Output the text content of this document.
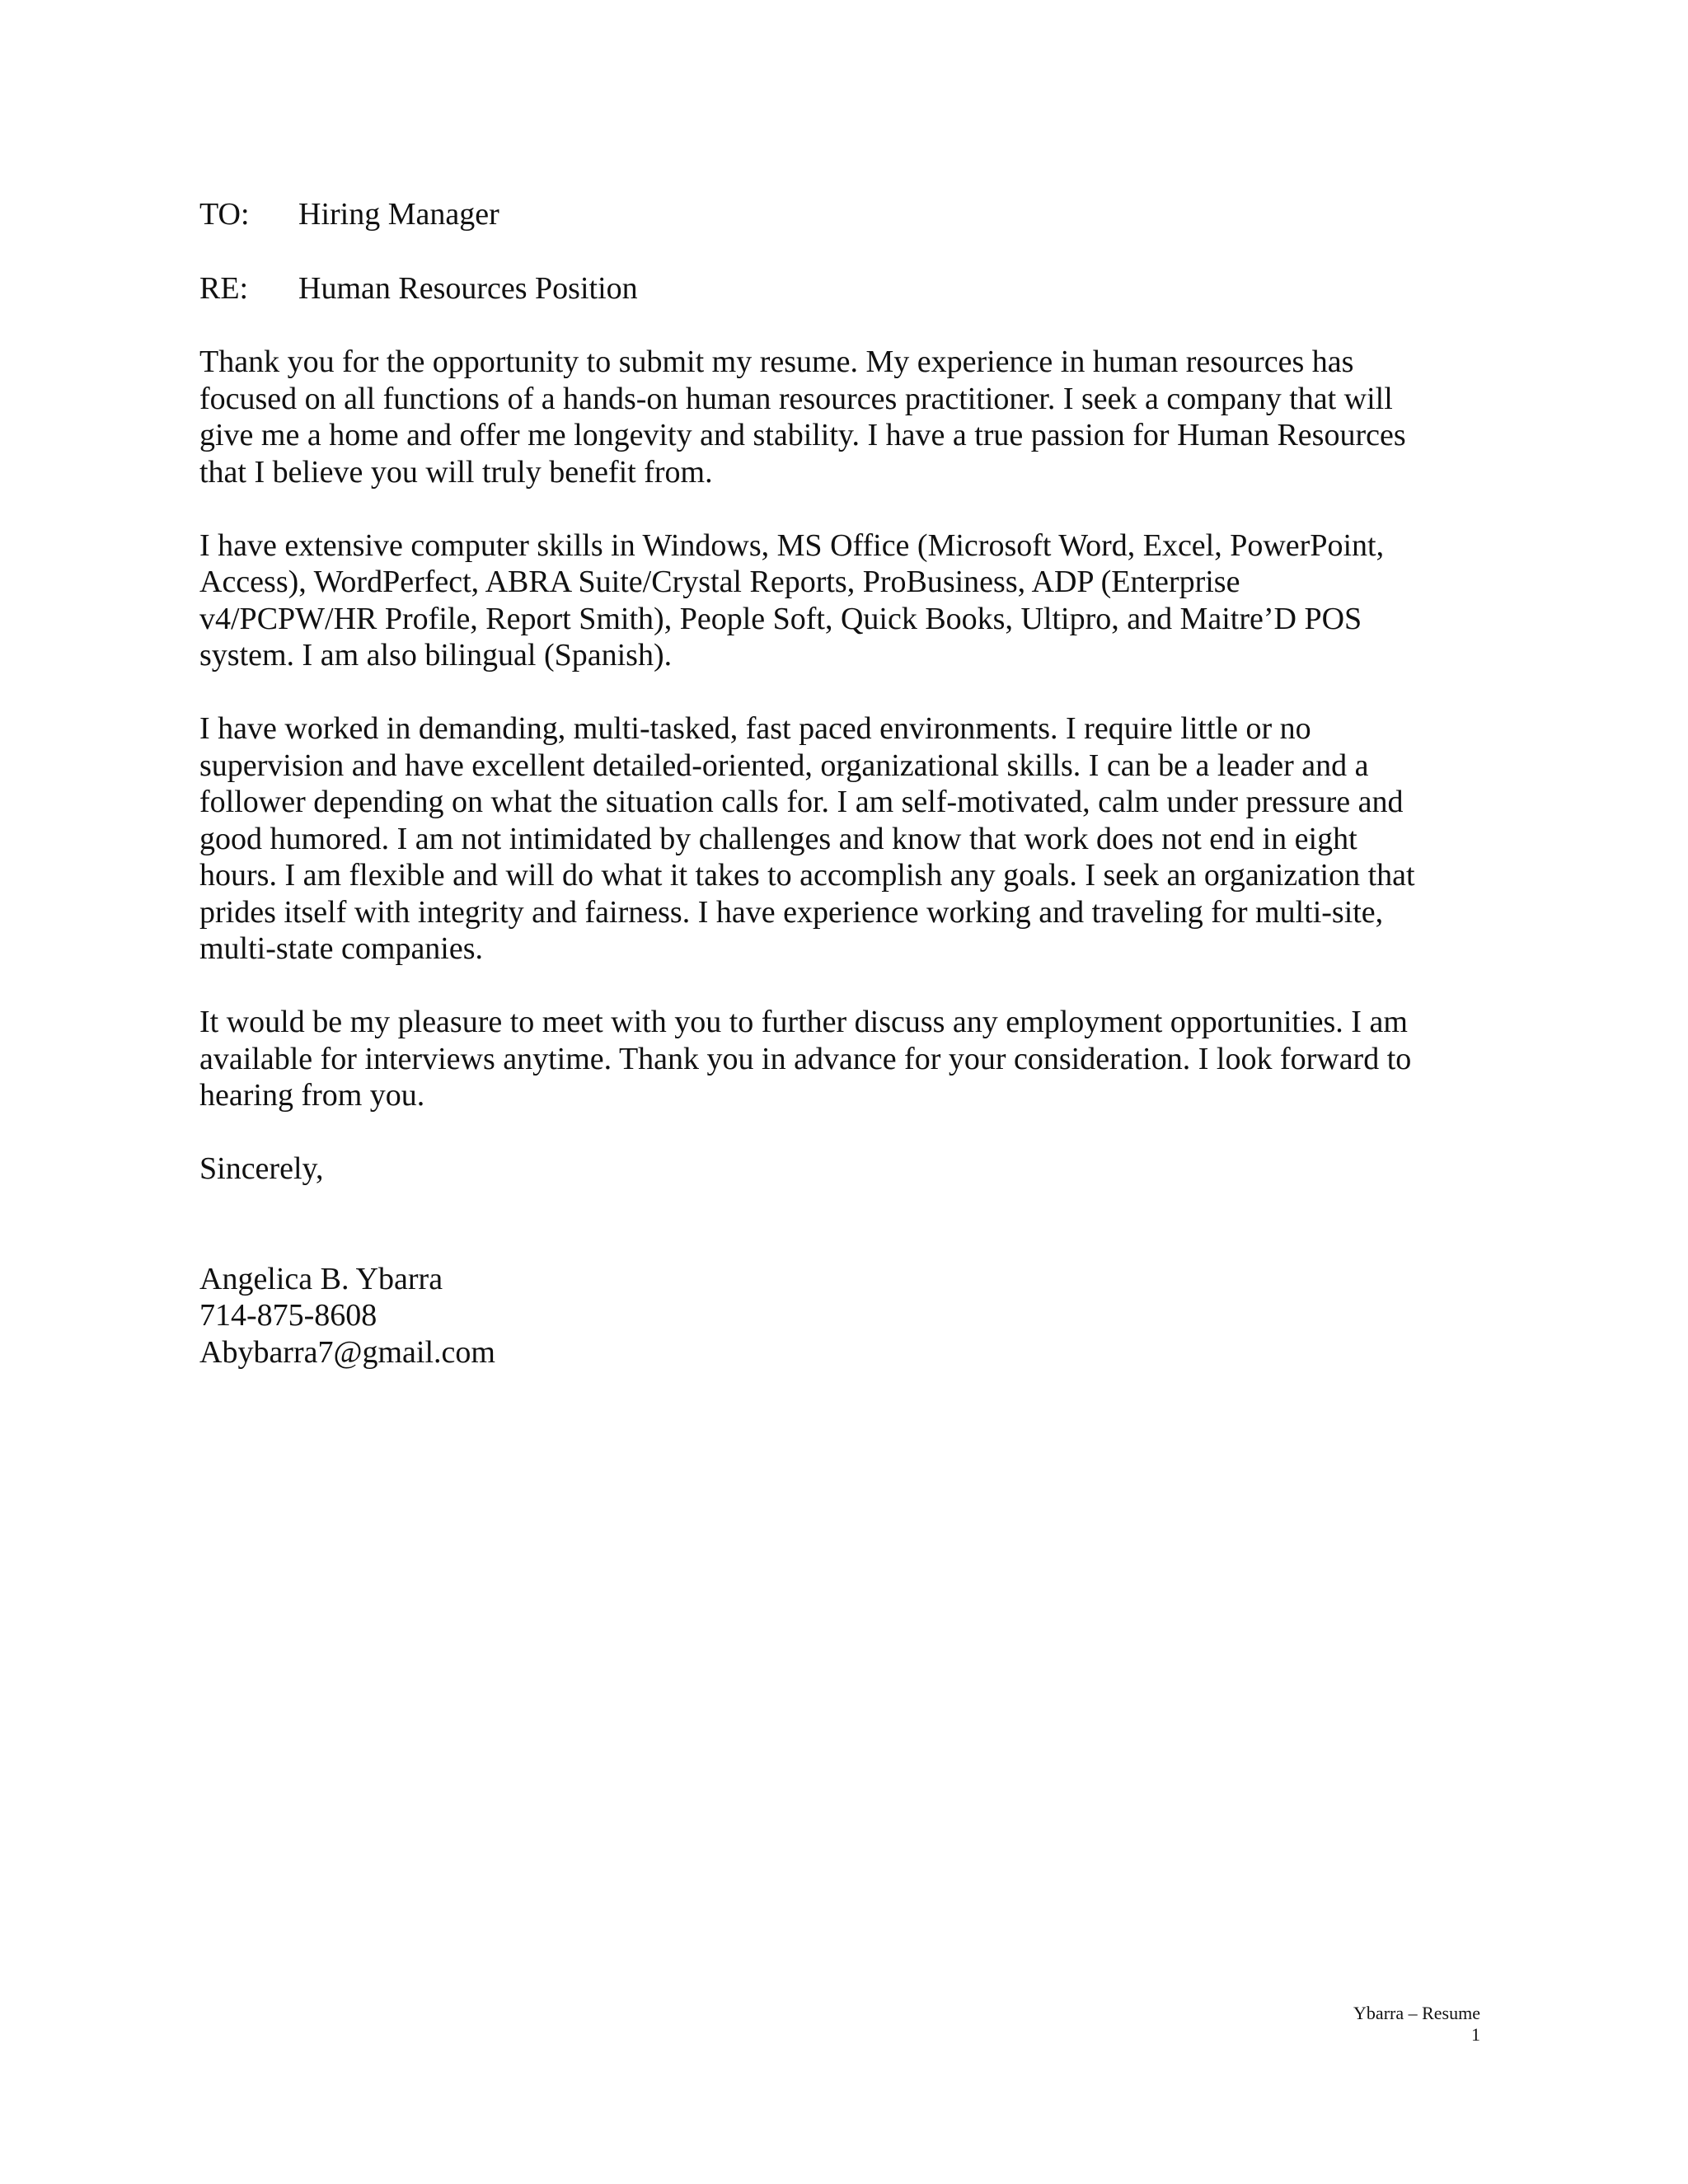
TO:	Hiring Manager
RE:	Human Resources Position
Thank you for the opportunity to submit my resume. My experience in human resources has
focused on all functions of a hands-on human resources practitioner. I seek a company that will
give me a home and offer me longevity and stability. I have a true passion for Human Resources
that I believe you will truly benefit from.
I have extensive computer skills in Windows, MS Office (Microsoft Word, Excel, PowerPoint,
Access), WordPerfect, ABRA Suite/Crystal Reports, ProBusiness, ADP (Enterprise
v4/PCPW/HR Profile, Report Smith), People Soft, Quick Books, Ultipro, and Maitre’D POS
system. I am also bilingual (Spanish).
I have worked in demanding, multi-tasked, fast paced environments. I require little or no
supervision and have excellent detailed-oriented, organizational skills. I can be a leader and a
follower depending on what the situation calls for. I am self-motivated, calm under pressure and
good humored. I am not intimidated by challenges and know that work does not end in eight
hours. I am flexible and will do what it takes to accomplish any goals. I seek an organization that
prides itself with integrity and fairness. I have experience working and traveling for multi-site,
multi-state companies.
It would be my pleasure to meet with you to further discuss any employment opportunities. I am
available for interviews anytime. Thank you in advance for your consideration. I look forward to
hearing from you.
Sincerely,
Angelica B. Ybarra
714-875-8608
Abybarra7@gmail.com
Ybarra – Resume
1
